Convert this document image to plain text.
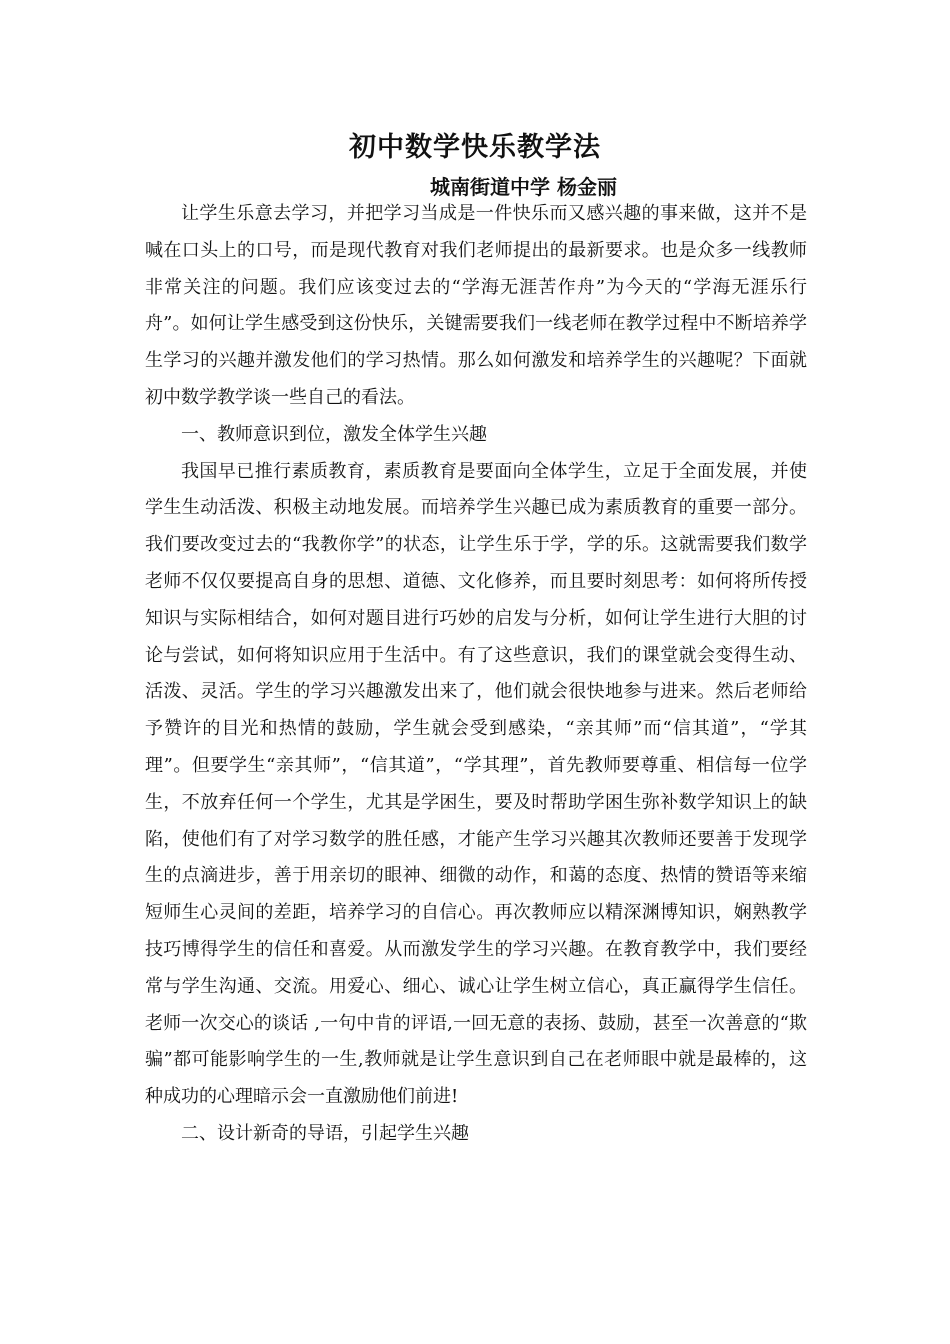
初中数学快乐教学法
城南街道中学 杨金丽

让学生乐意去学习，并把学习当成是一件快乐而又感兴趣的事来做，这并不是喊在口头上的口号，而是现代教育对我们老师提出的最新要求。也是众多一线教师非常关注的问题。我们应该变过去的“学海无涯苦作舟”为今天的“学海无涯乐行舟”。如何让学生感受到这份快乐，关键需要我们一线老师在教学过程中不断培养学生学习的兴趣并激发他们的学习热情。那么如何激发和培养学生的兴趣呢？下面就初中数学教学谈一些自己的看法。

一、教师意识到位，激发全体学生兴趣

我国早已推行素质教育，素质教育是要面向全体学生，立足于全面发展，并使学生生动活泼、积极主动地发展。而培养学生兴趣已成为素质教育的重要一部分。我们要改变过去的“我教你学”的状态，让学生乐于学，学的乐。这就需要我们数学老师不仅仅要提高自身的思想、道德、文化修养，而且要时刻思考：如何将所传授知识与实际相结合，如何对题目进行巧妙的启发与分析，如何让学生进行大胆的讨论与尝试，如何将知识应用于生活中。有了这些意识，我们的课堂就会变得生动、活泼、灵活。学生的学习兴趣激发出来了，他们就会很快地参与进来。然后老师给予赞许的目光和热情的鼓励，学生就会受到感染，“亲其师”而“信其道”，“学其理”。但要学生“亲其师”，“信其道”，“学其理”，首先教师要尊重、相信每一位学生，不放弃任何一个学生，尤其是学困生，要及时帮助学困生弥补数学知识上的缺陷，使他们有了对学习数学的胜任感，才能产生学习兴趣其次教师还要善于发现学生的点滴进步，善于用亲切的眼神、细微的动作，和蔼的态度、热情的赞语等来缩短师生心灵间的差距，培养学习的自信心。再次教师应以精深渊博知识，娴熟教学技巧博得学生的信任和喜爱。从而激发学生的学习兴趣。在教育教学中，我们要经常与学生沟通、交流。用爱心、细心、诚心让学生树立信心，真正赢得学生信任。老师一次交心的谈话 ,一句中肯的评语,一回无意的表扬、鼓励，甚至一次善意的“欺骗”都可能影响学生的一生,教师就是让学生意识到自己在老师眼中就是最棒的，这种成功的心理暗示会一直激励他们前进!

二、设计新奇的导语，引起学生兴趣
